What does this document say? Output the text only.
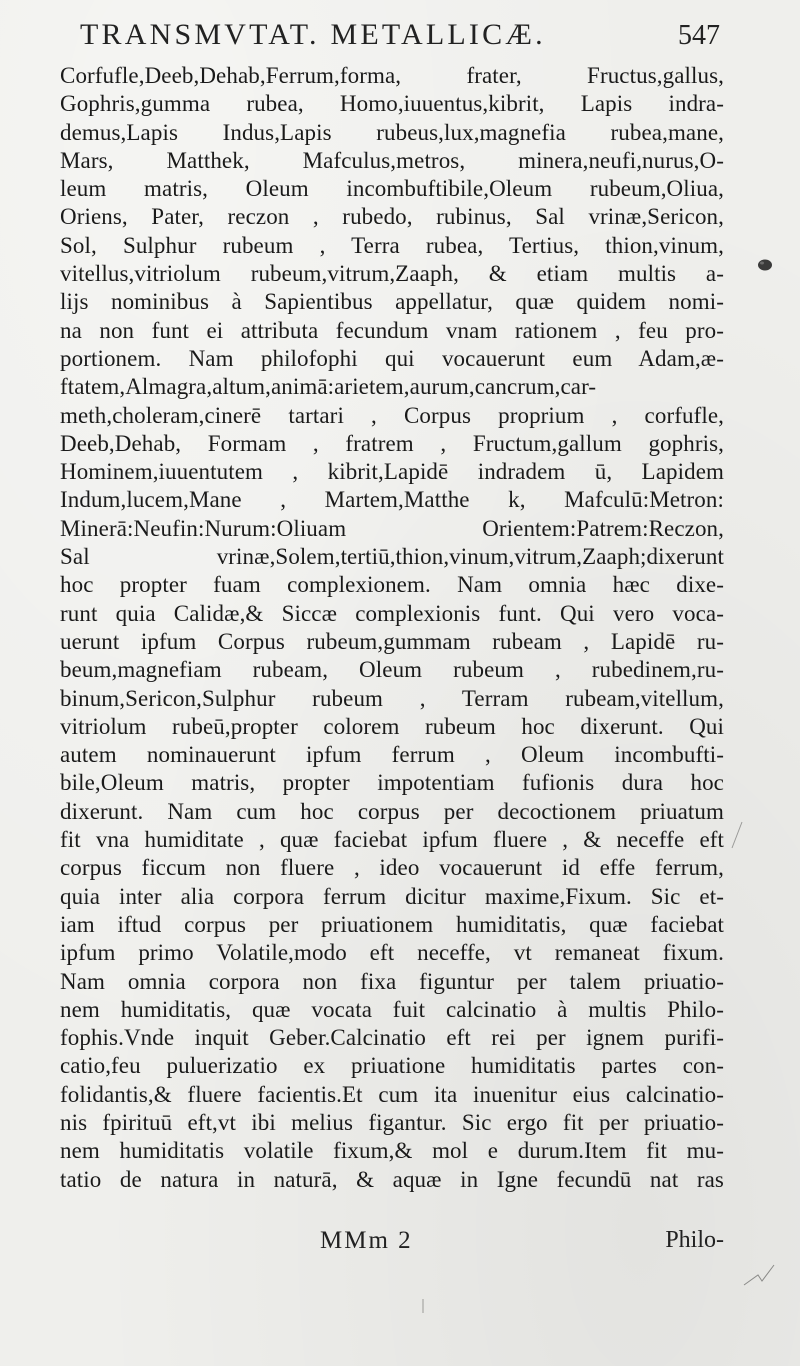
TRANSMVTAT. METALLICÆ.	547
Corfufle,Deeb,Dehab,Ferrum,forma, frater, Fructus,gallus,
Gophris,gumma rubea, Homo,iuuentus,kibrit, Lapis indra-
demus,Lapis Indus,Lapis rubeus,lux,magnefia rubea,mane,
Mars, Matthek, Mafculus,metros, minera,neufi,nurus,O-
leum matris, Oleum incombuftibile,Oleum rubeum,Oliua,
Oriens, Pater, reczon , rubedo, rubinus, Sal vrinæ,Sericon,
Sol, Sulphur rubeum , Terra rubea, Tertius, thion,vinum,
vitellus,vitriolum rubeum,vitrum,Zaaph, & etiam multis a-
lijs nominibus à Sapientibus appellatur, quæ quidem nomi-
na non funt ei attributa fecundum vnam rationem , feu pro-
portionem. Nam philofophi qui vocauerunt eum Adam,æ-
ftatem,Almagra,altum,animā:arietem,aurum,cancrum,car-
meth,choleram,cinerē tartari , Corpus proprium , corfufle,
Deeb,Dehab, Formam , fratrem , Fructum,gallum gophris,
Hominem,iuuentutem , kibrit,Lapidē indradem ū, Lapidem
Indum,lucem,Mane , Martem,Matthe k, Mafculū:Metron:
Minerā:Neufin:Nurum:Oliuam Orientem:Patrem:Reczon,
Sal vrinæ,Solem,tertiū,thion,vinum,vitrum,Zaaph;dixerunt
hoc propter fuam complexionem. Nam omnia hæc dixe-
runt quia Calidæ,& Siccæ complexionis funt. Qui vero voca-
uerunt ipfum Corpus rubeum,gummam rubeam , Lapidē ru-
beum,magnefiam rubeam, Oleum rubeum , rubedinem,ru-
binum,Sericon,Sulphur rubeum , Terram rubeam,vitellum,
vitriolum rubeū,propter colorem rubeum hoc dixerunt. Qui
autem nominauerunt ipfum ferrum , Oleum incombufti-
bile,Oleum matris, propter impotentiam fufionis dura hoc
dixerunt. Nam cum hoc corpus per decoctionem priuatum
fit vna humiditate , quæ faciebat ipfum fluere , & neceffe eft
corpus ficcum non fluere , ideo vocauerunt id effe ferrum,
quia inter alia corpora ferrum dicitur maxime,Fixum. Sic et-
iam iftud corpus per priuationem humiditatis, quæ faciebat
ipfum primo Volatile,modo eft neceffe, vt remaneat fixum.
Nam omnia corpora non fixa figuntur per talem priuatio-
nem humiditatis, quæ vocata fuit calcinatio à multis Philo-
fophis.Vnde inquit Geber.Calcinatio eft rei per ignem purifi-
catio,feu puluerizatio ex priuatione humiditatis partes con-
folidantis,& fluere facientis.Et cum ita inuenitur eius calcinatio-
nis fpirituū eft,vt ibi melius figantur. Sic ergo fit per priuatio-
nem humiditatis volatile fixum,& mol e durum.Item fit mu-
tatio de natura in naturā, & aquæ in Igne fecundū nat ras
MMm 2	Philo-
